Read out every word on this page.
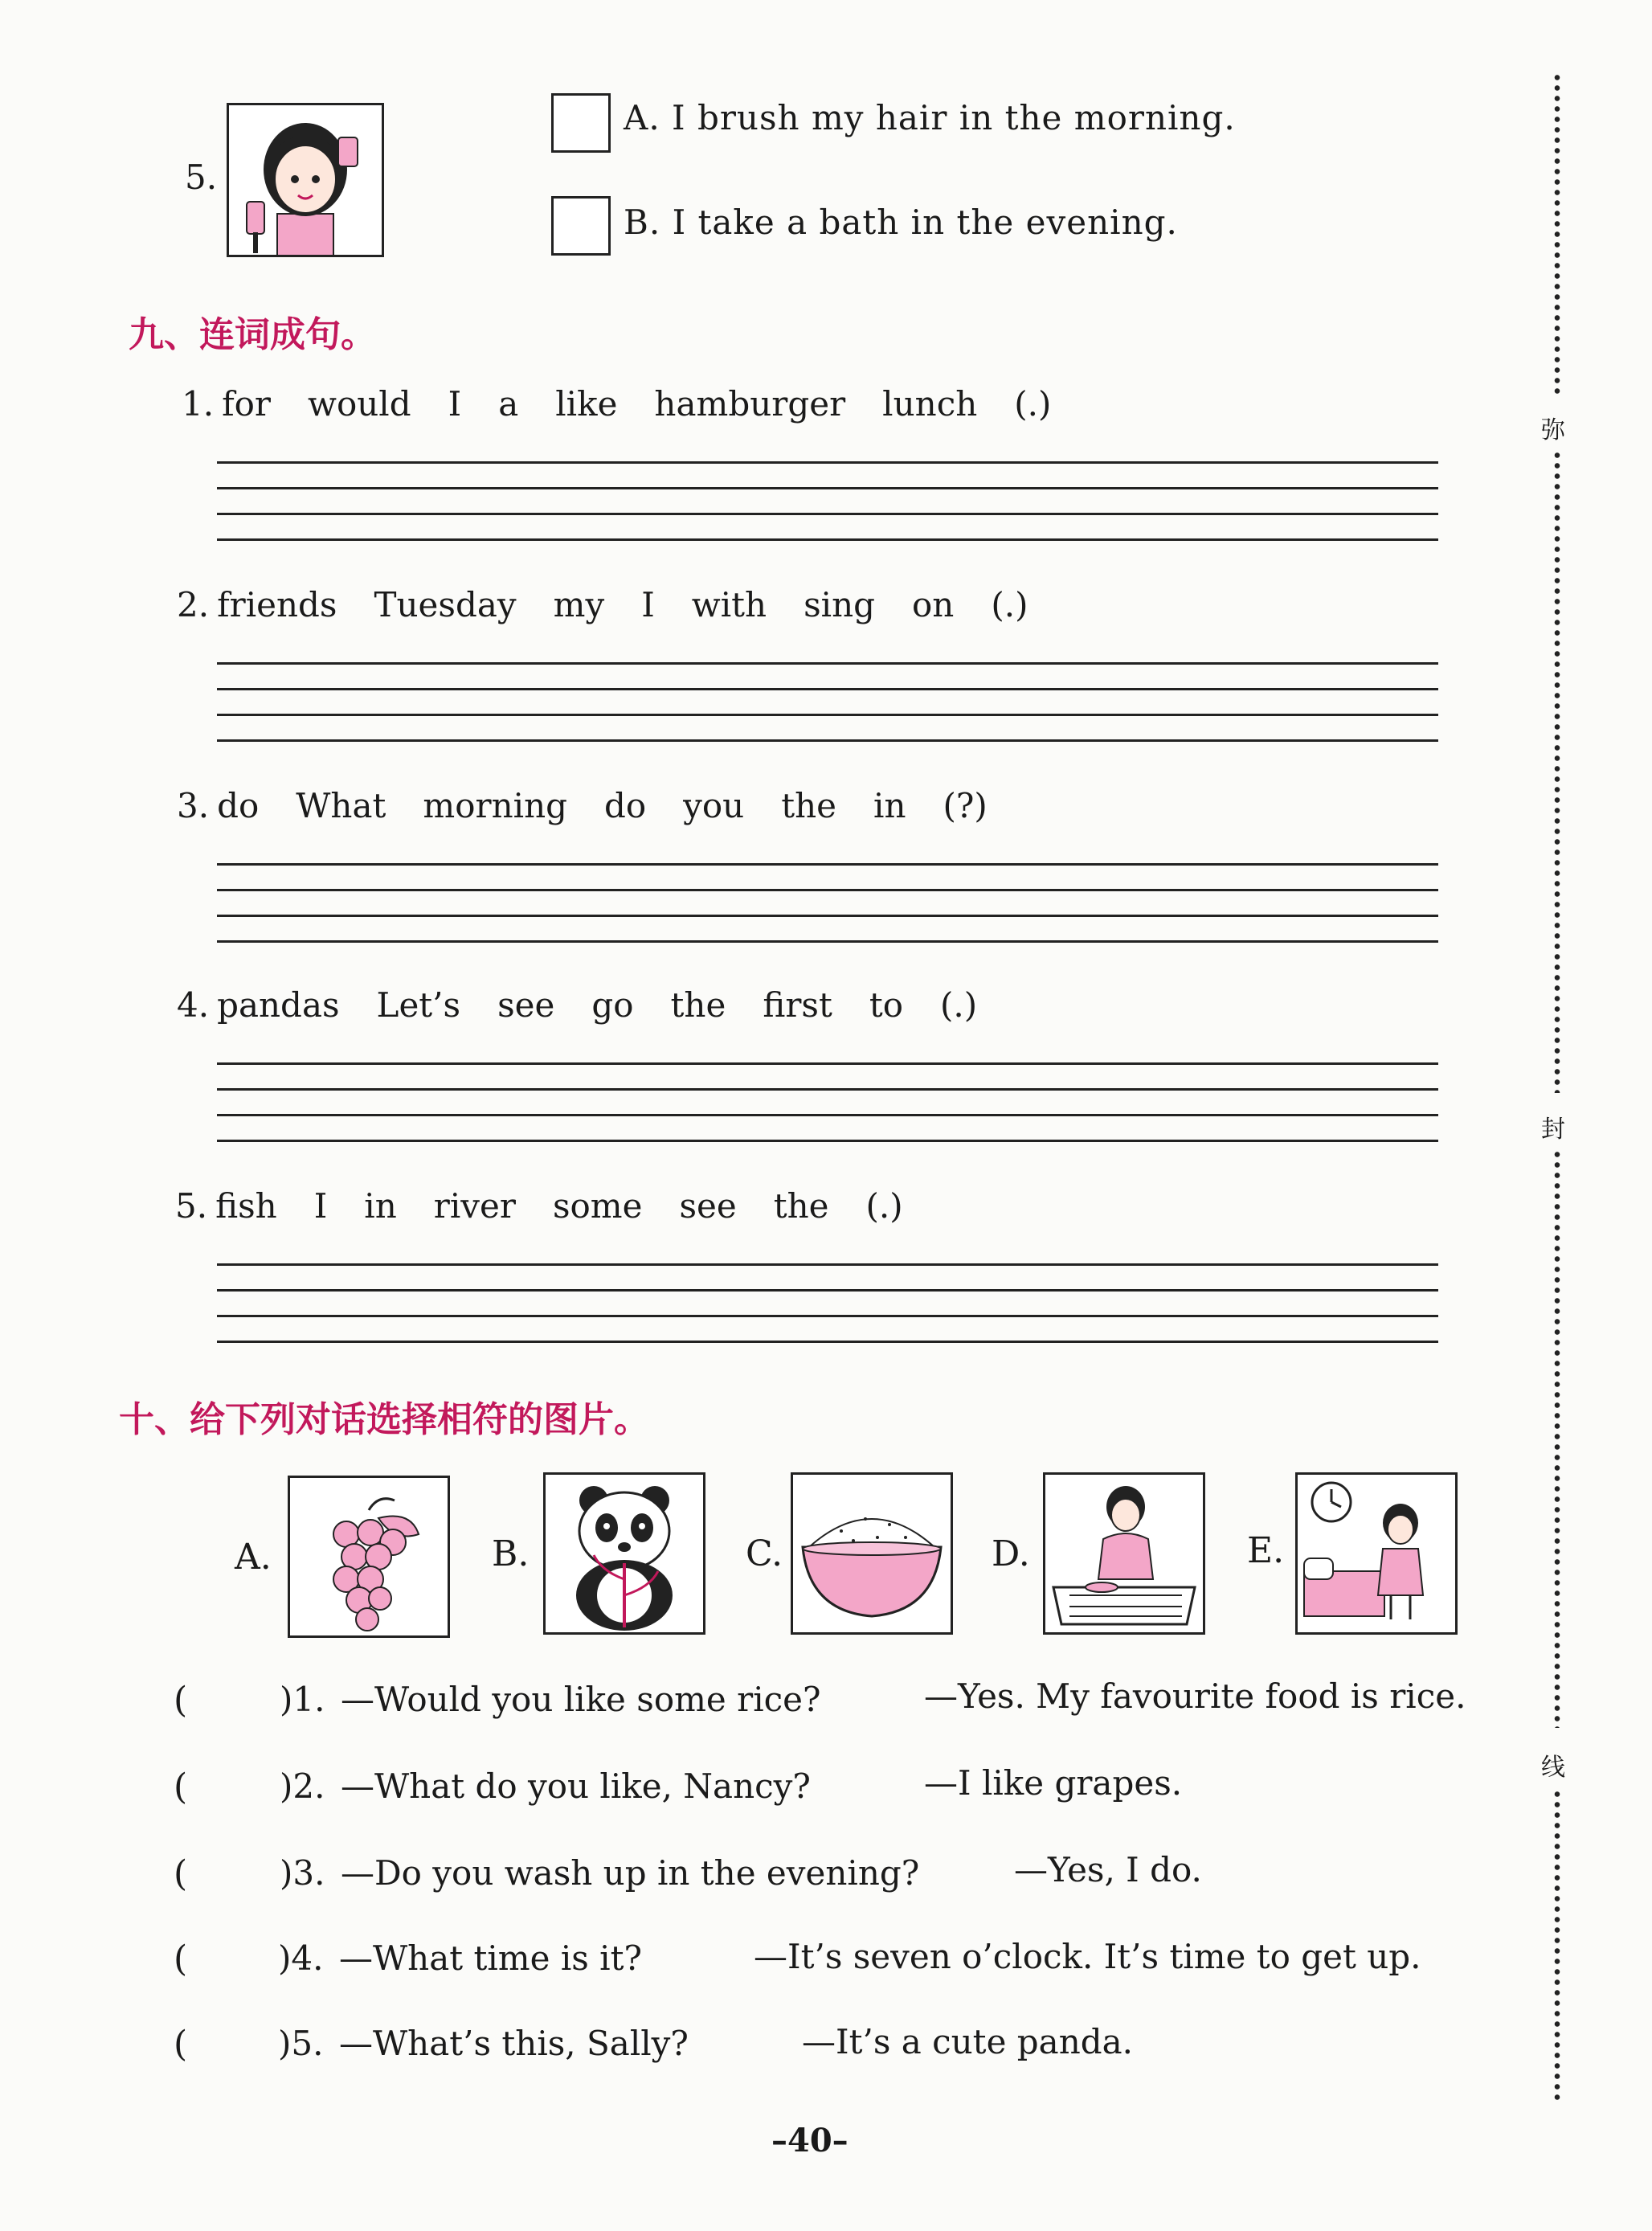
5.
A. I brush my hair in the morning.
B. I take a bath in the evening.
九、连词成句。
1. for would I a like hamburger lunch (.)
2. friends Tuesday my I with sing on (.)
3. do What morning do you the in (?)
4. pandas Let’s see go the first to (.)
5. fish I in river some see the (.)
十、给下列对话选择相符的图片。
A.	B.	C.	D.	E.
(	)1. —Would you like some rice?	—Yes. My favourite food is rice.
(	)2. —What do you like, Nancy?	—I like grapes.
(	)3. —Do you wash up in the evening?	—Yes, I do.
(	)4. —What time is it?	—It’s seven o’clock. It’s time to get up.
(	)5. —What’s this, Sally?	—It’s a cute panda.
弥
封
线
–40–
